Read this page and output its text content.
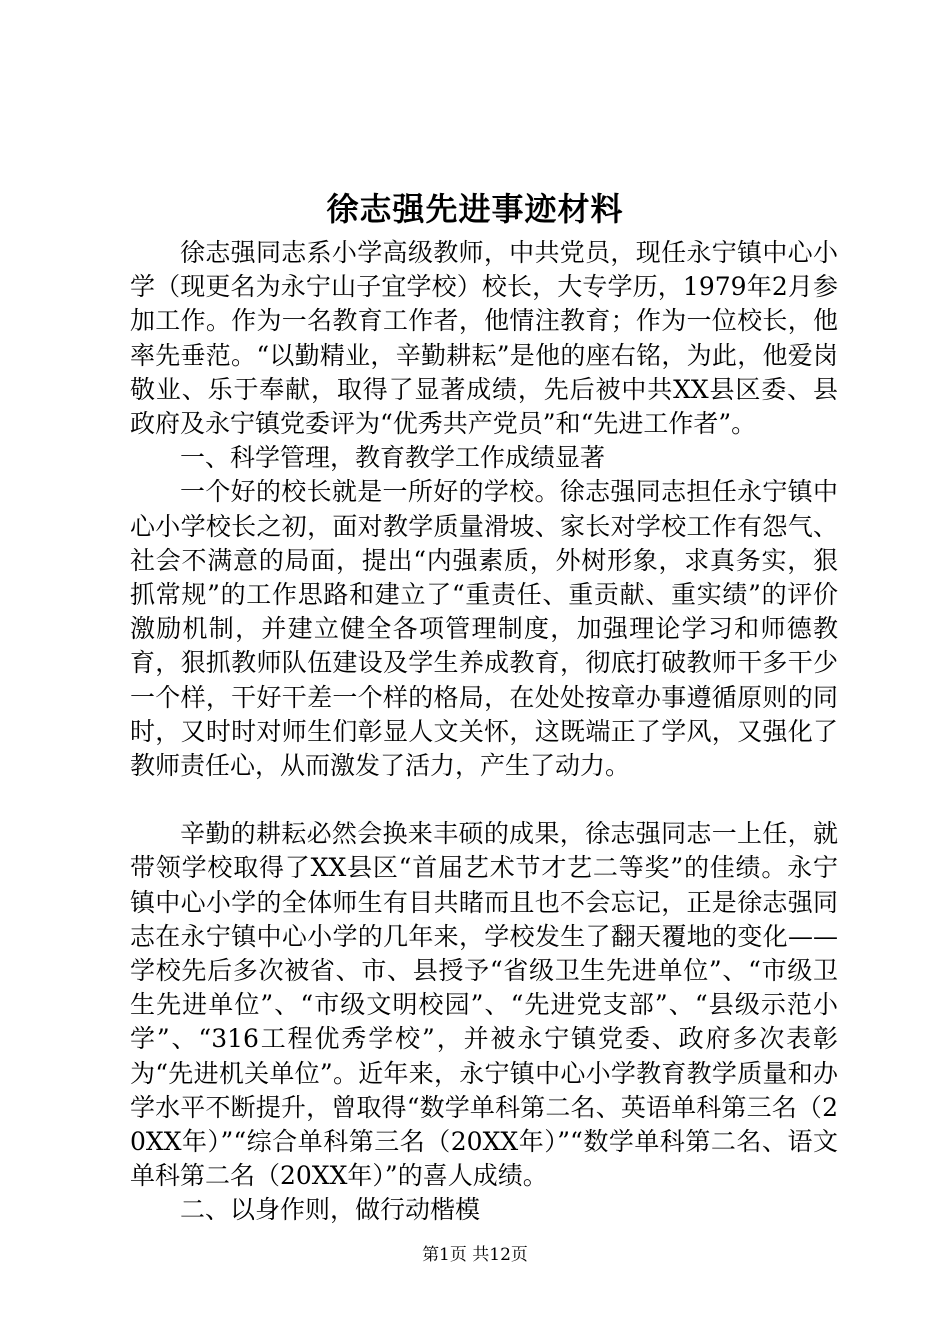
徐志强先进事迹材料

徐志强同志系小学高级教师，中共党员，现任永宁镇中心小学（现更名为永宁山子宜学校）校长，大专学历，1979年2月参加工作。作为一名教育工作者，他情注教育；作为一位校长，他率先垂范。“以勤精业，辛勤耕耘”是他的座右铭，为此，他爱岗敬业、乐于奉献，取得了显著成绩，先后被中共XX县区委、县政府及永宁镇党委评为“优秀共产党员”和“先进工作者”。

一、科学管理，教育教学工作成绩显著

一个好的校长就是一所好的学校。徐志强同志担任永宁镇中心小学校长之初，面对教学质量滑坡、家长对学校工作有怨气、社会不满意的局面，提出“内强素质，外树形象，求真务实，狠抓常规”的工作思路和建立了“重责任、重贡献、重实绩”的评价激励机制，并建立健全各项管理制度，加强理论学习和师德教育，狠抓教师队伍建设及学生养成教育，彻底打破教师干多干少一个样，干好干差一个样的格局，在处处按章办事遵循原则的同时，又时时对师生们彰显人文关怀，这既端正了学风，又强化了教师责任心，从而激发了活力，产生了动力。

辛勤的耕耘必然会换来丰硕的成果，徐志强同志一上任，就带领学校取得了XX县区“首届艺术节才艺二等奖”的佳绩。永宁镇中心小学的全体师生有目共睹而且也不会忘记，正是徐志强同志在永宁镇中心小学的几年来，学校发生了翻天覆地的变化——学校先后多次被省、市、县授予“省级卫生先进单位”、“市级卫生先进单位”、“市级文明校园”、“先进党支部”、“县级示范小学”、“316工程优秀学校”，并被永宁镇党委、政府多次表彰为“先进机关单位”。近年来，永宁镇中心小学教育教学质量和办学水平不断提升，曾取得“数学单科第二名、英语单科第三名（20XX年）”“综合单科第三名（20XX年）”“数学单科第二名、语文单科第二名（20XX年）”的喜人成绩。

二、以身作则，做行动楷模

第1页 共12页
